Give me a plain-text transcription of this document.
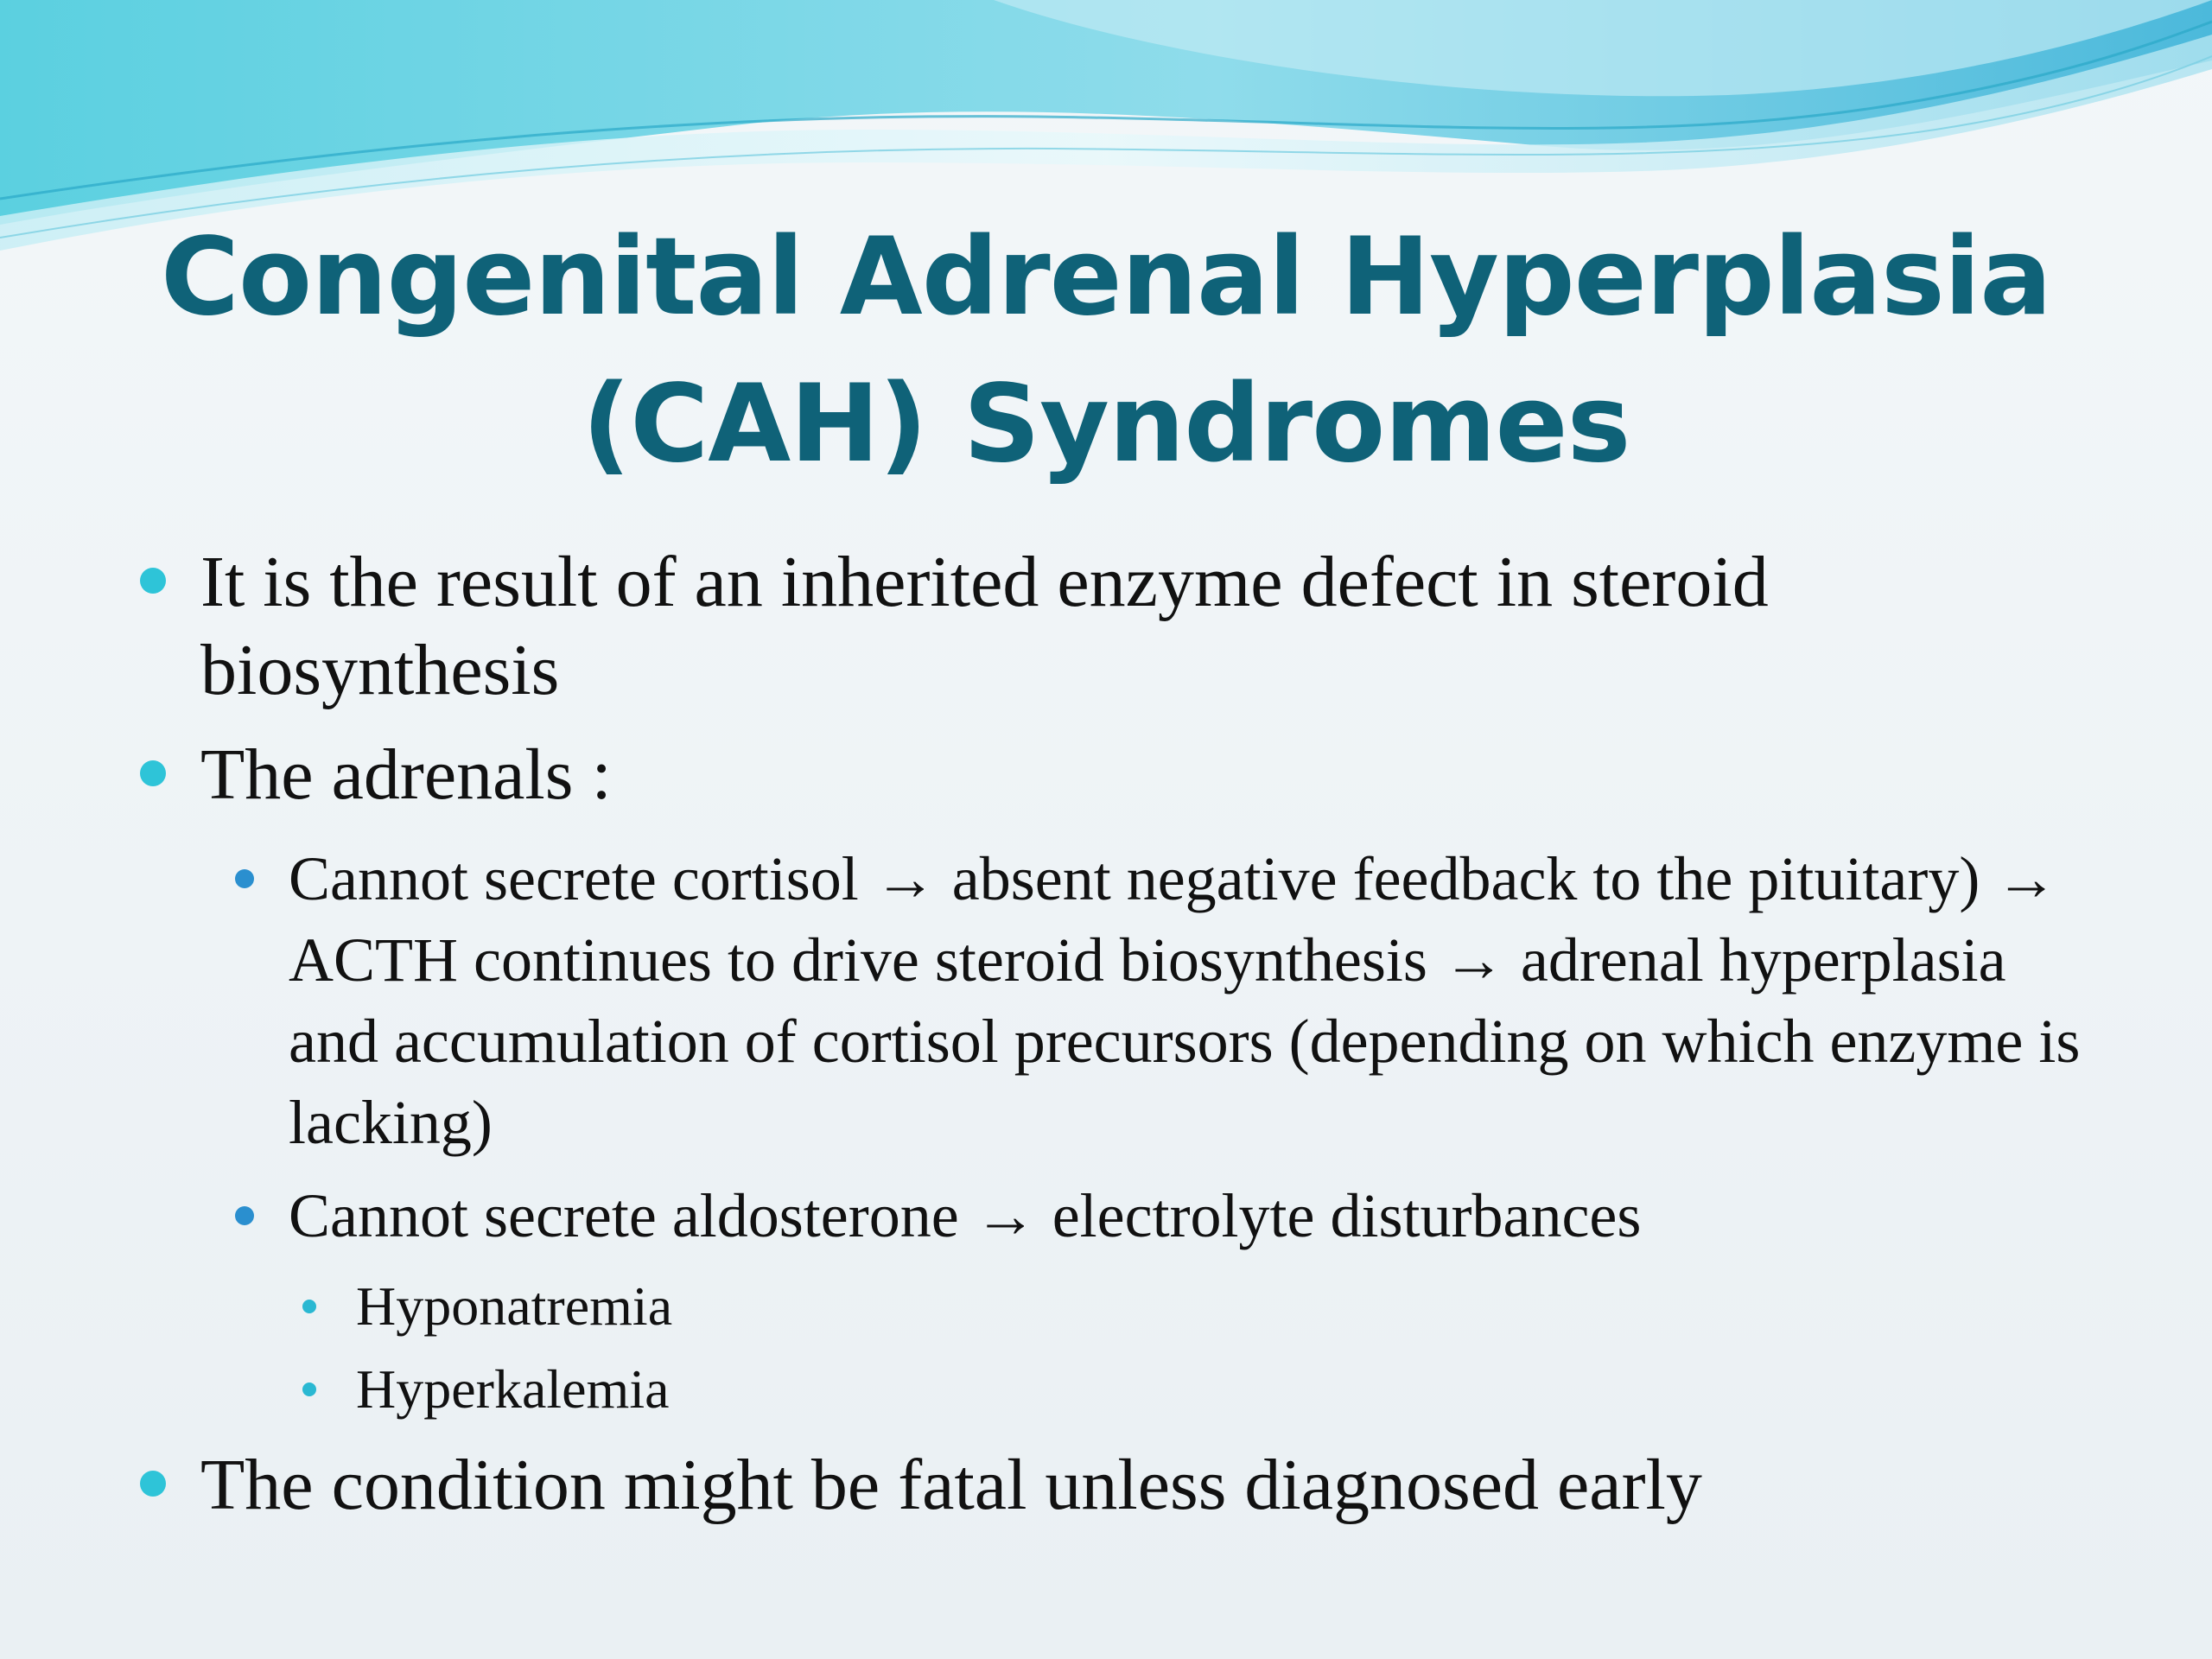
Congenital Adrenal Hyperplasia
(CAH) Syndromes
It is the result of an inherited enzyme defect in steroid biosynthesis
The adrenals :
Cannot secrete cortisol → absent negative feedback to the pituitary) → ACTH continues to drive steroid biosynthesis → adrenal hyperplasia and accumulation of cortisol precursors (depending on which enzyme is lacking)
Cannot secrete aldosterone → electrolyte disturbances
Hyponatremia
Hyperkalemia
The condition might be fatal unless diagnosed early
